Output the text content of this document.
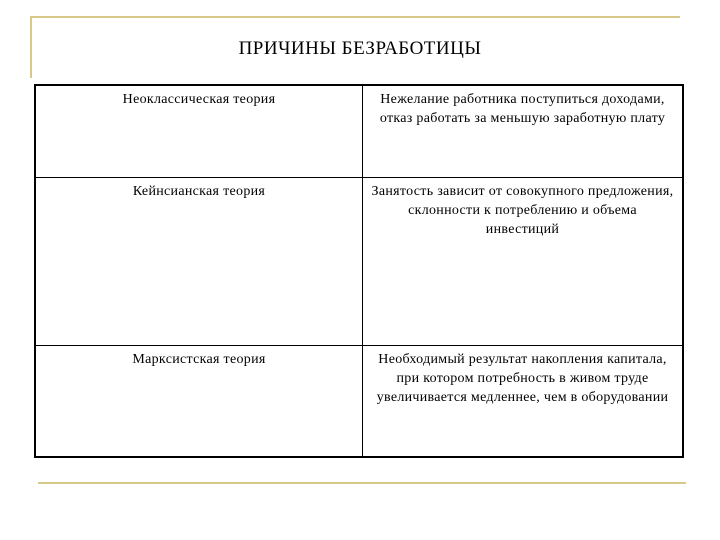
ПРИЧИНЫ БЕЗРАБОТИЦЫ
Неоклассическая теория	Нежелание работника поступиться доходами, отказ работать за меньшую заработную плату
Кейнсианская теория	Занятость зависит от совокупного предложения, склонности к потреблению и объема инвестиций
Марксистская теория	Необходимый результат накопления капитала, при котором потребность в живом труде увеличивается медленнее, чем в оборудовании
